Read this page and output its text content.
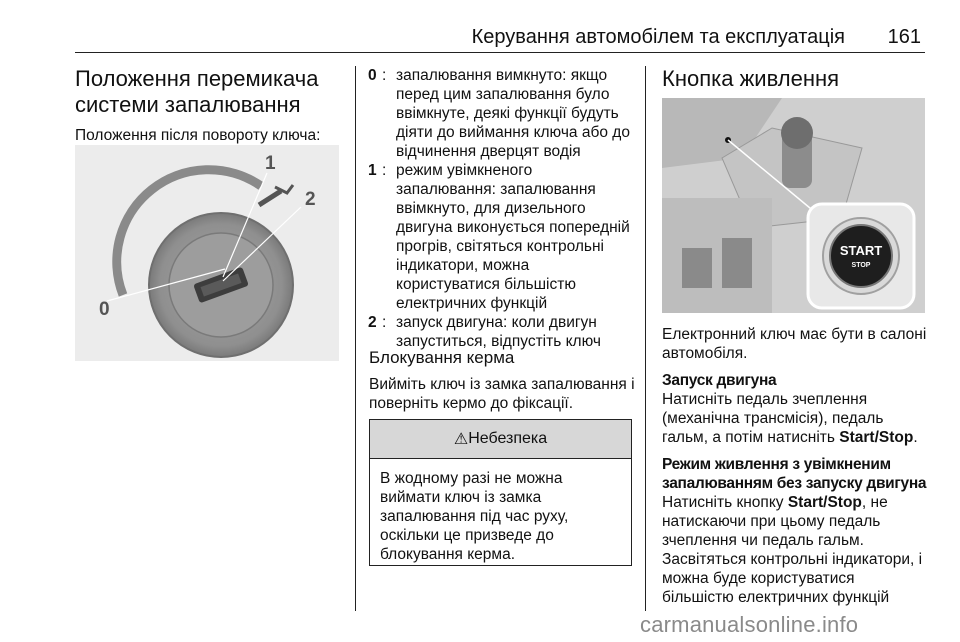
Керування автомобілем та експлуатація 161
Положення перемикача системи запалювання

Положення після повороту ключа:

0
1
2
0 : запалювання вимкнуто: якщо перед цим запалювання було ввімкнуте, деякі функції будуть діяти до виймання ключа або до відчинення дверцят водія
1 : режим увімкненого запалювання: запалювання ввімкнуто, для дизельного двигуна виконується попередній прогрів, світяться контрольні індикатори, можна користуватися більшістю електричних функцій
2 : запуск двигуна: коли двигун запуститься, відпустіть ключ
Блокування керма

Вийміть ключ із замка запалювання і поверніть кермо до фіксації.

⚠ Небезпека
В жодному разі не можна виймати ключ із замка запалювання під час руху, оскільки це призведе до блокування керма.
Кнопка живлення
START
STOP

Електронний ключ має бути в салоні автомобіля.

Запуск двигуна

Натисніть педаль зчеплення (механічна трансмісія), педаль гальм, а потім натисніть Start/Stop.

Режим живлення з увімкненим запалюванням без запуску двигуна

Натисніть кнопку Start/Stop, не натискаючи при цьому педаль зчеплення чи педаль гальм. Засвітяться контрольні індикатори, і можна буде користуватися більшістю електричних функцій

carmanualsonline.info
